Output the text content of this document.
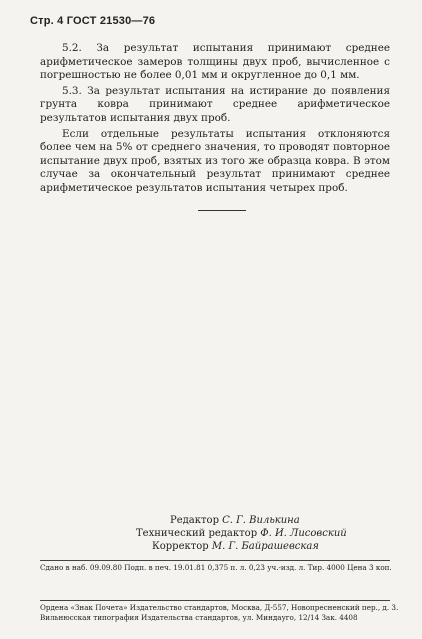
Стр. 4 ГОСТ 21530—76

5.2. За результат испытания принимают среднее арифметическое замеров толщины двух проб, вычисленное с погрешностью не более 0,01 мм и округленное до 0,1 мм.

5.3. За результат испытания на истирание до появления грунта ковра принимают среднее арифметическое результатов испытания двух проб.

Если отдельные результаты испытания отклоняются более чем на 5% от среднего значения, то проводят повторное испытание двух проб, взятых из того же образца ковра. В этом случае за окончательный результат принимают среднее арифметическое результатов испытания четырех проб.

Редактор С. Г. Вилькина
Технический редактор Ф. И. Лисовский
Корректор М. Г. Байрашевская
Сдано в наб. 09.09.80 Подп. в печ. 19.01.81 0,375 п. л. 0,23 уч.-изд. л. Тир. 4000 Цена 3 коп.
Ордена «Знак Почета» Издательство стандартов, Москва, Д-557, Новопресненский пер., д. 3.
Вильнюсская типография Издательства стандартов, ул. Миндауго, 12/14 Зак. 4408
